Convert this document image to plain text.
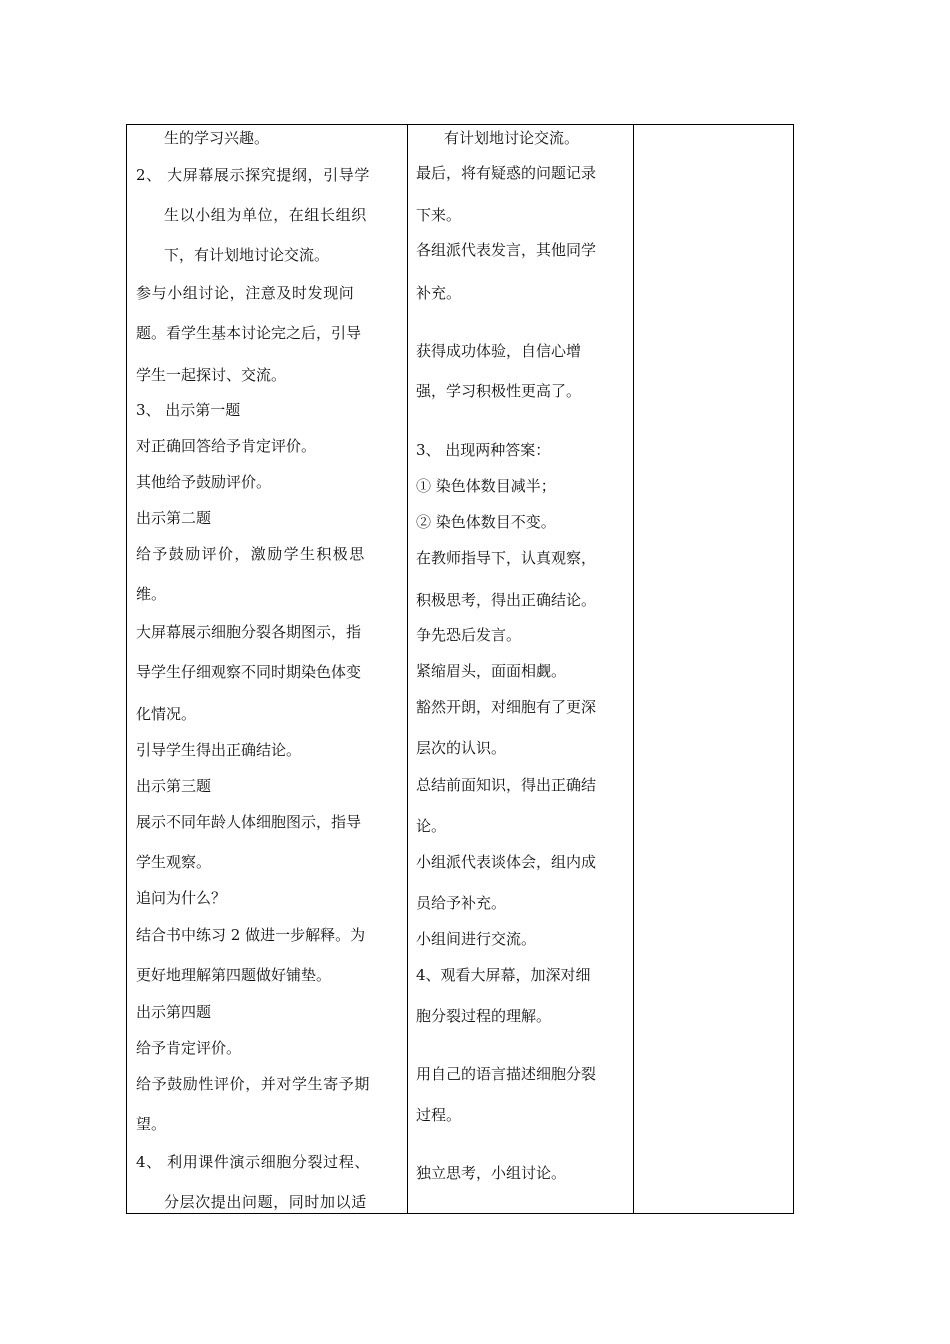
生的学习兴趣。
2、 大屏幕展示探究提纲，引导学
生以小组为单位，在组长组织
下，有计划地讨论交流。
参与小组讨论，注意及时发现问
题。看学生基本讨论完之后，引导
学生一起探讨、交流。
3、 出示第一题
对正确回答给予肯定评价。
其他给予鼓励评价。
出示第二题
给予鼓励评价，激励学生积极思
维。
大屏幕展示细胞分裂各期图示，指
导学生仔细观察不同时期染色体变
化情况。
引导学生得出正确结论。
出示第三题
展示不同年龄人体细胞图示，指导
学生观察。
追问为什么？
结合书中练习 2 做进一步解释。为
更好地理解第四题做好铺垫。
出示第四题
给予肯定评价。
给予鼓励性评价，并对学生寄予期
望。
4、 利用课件演示细胞分裂过程、
分层次提出问题，同时加以适
有计划地讨论交流。
最后，将有疑惑的问题记录
下来。
各组派代表发言，其他同学
补充。
获得成功体验，自信心增
强，学习积极性更高了。
3、 出现两种答案：
① 染色体数目减半；
② 染色体数目不变。
在教师指导下，认真观察，
积极思考，得出正确结论。
争先恐后发言。
紧缩眉头，面面相觑。
豁然开朗，对细胞有了更深
层次的认识。
总结前面知识，得出正确结
论。
小组派代表谈体会，组内成
员给予补充。
小组间进行交流。
4、观看大屏幕，加深对细
胞分裂过程的理解。
用自己的语言描述细胞分裂
过程。
独立思考，小组讨论。
